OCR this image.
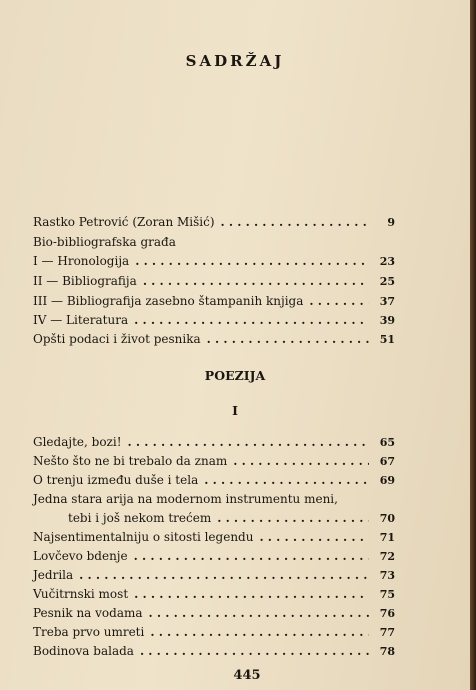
SADRŽAJ
Rastko Petrović (Zoran Mišić) . . .	9
Bio-bibliografska građa
I — Hronologija . . .	23
II — Bibliografija . . .	25
III — Bibliografija zasebno štampanih knjiga . . .	37
IV — Literatura . . .	39
Opšti podaci i život pesnika . . .	51
POEZIJA
I
Gledajte, bozi! . . .	65
Nešto što ne bi trebalo da znam . . .	67
O trenju između duše i tela . . .	69
Jedna stara arija na modernom instrumentu meni,
tebi i još nekom trećem . . .	70
Najsentimentalniju o sitosti legendu . . .	71
Lovčevo bdenje . . .	72
Jedrila . . .	73
Vučitrnski most . . .	75
Pesnik na vodama . . .	76
Treba prvo umreti . . .	77
Bodinova balada . . .	78
445
